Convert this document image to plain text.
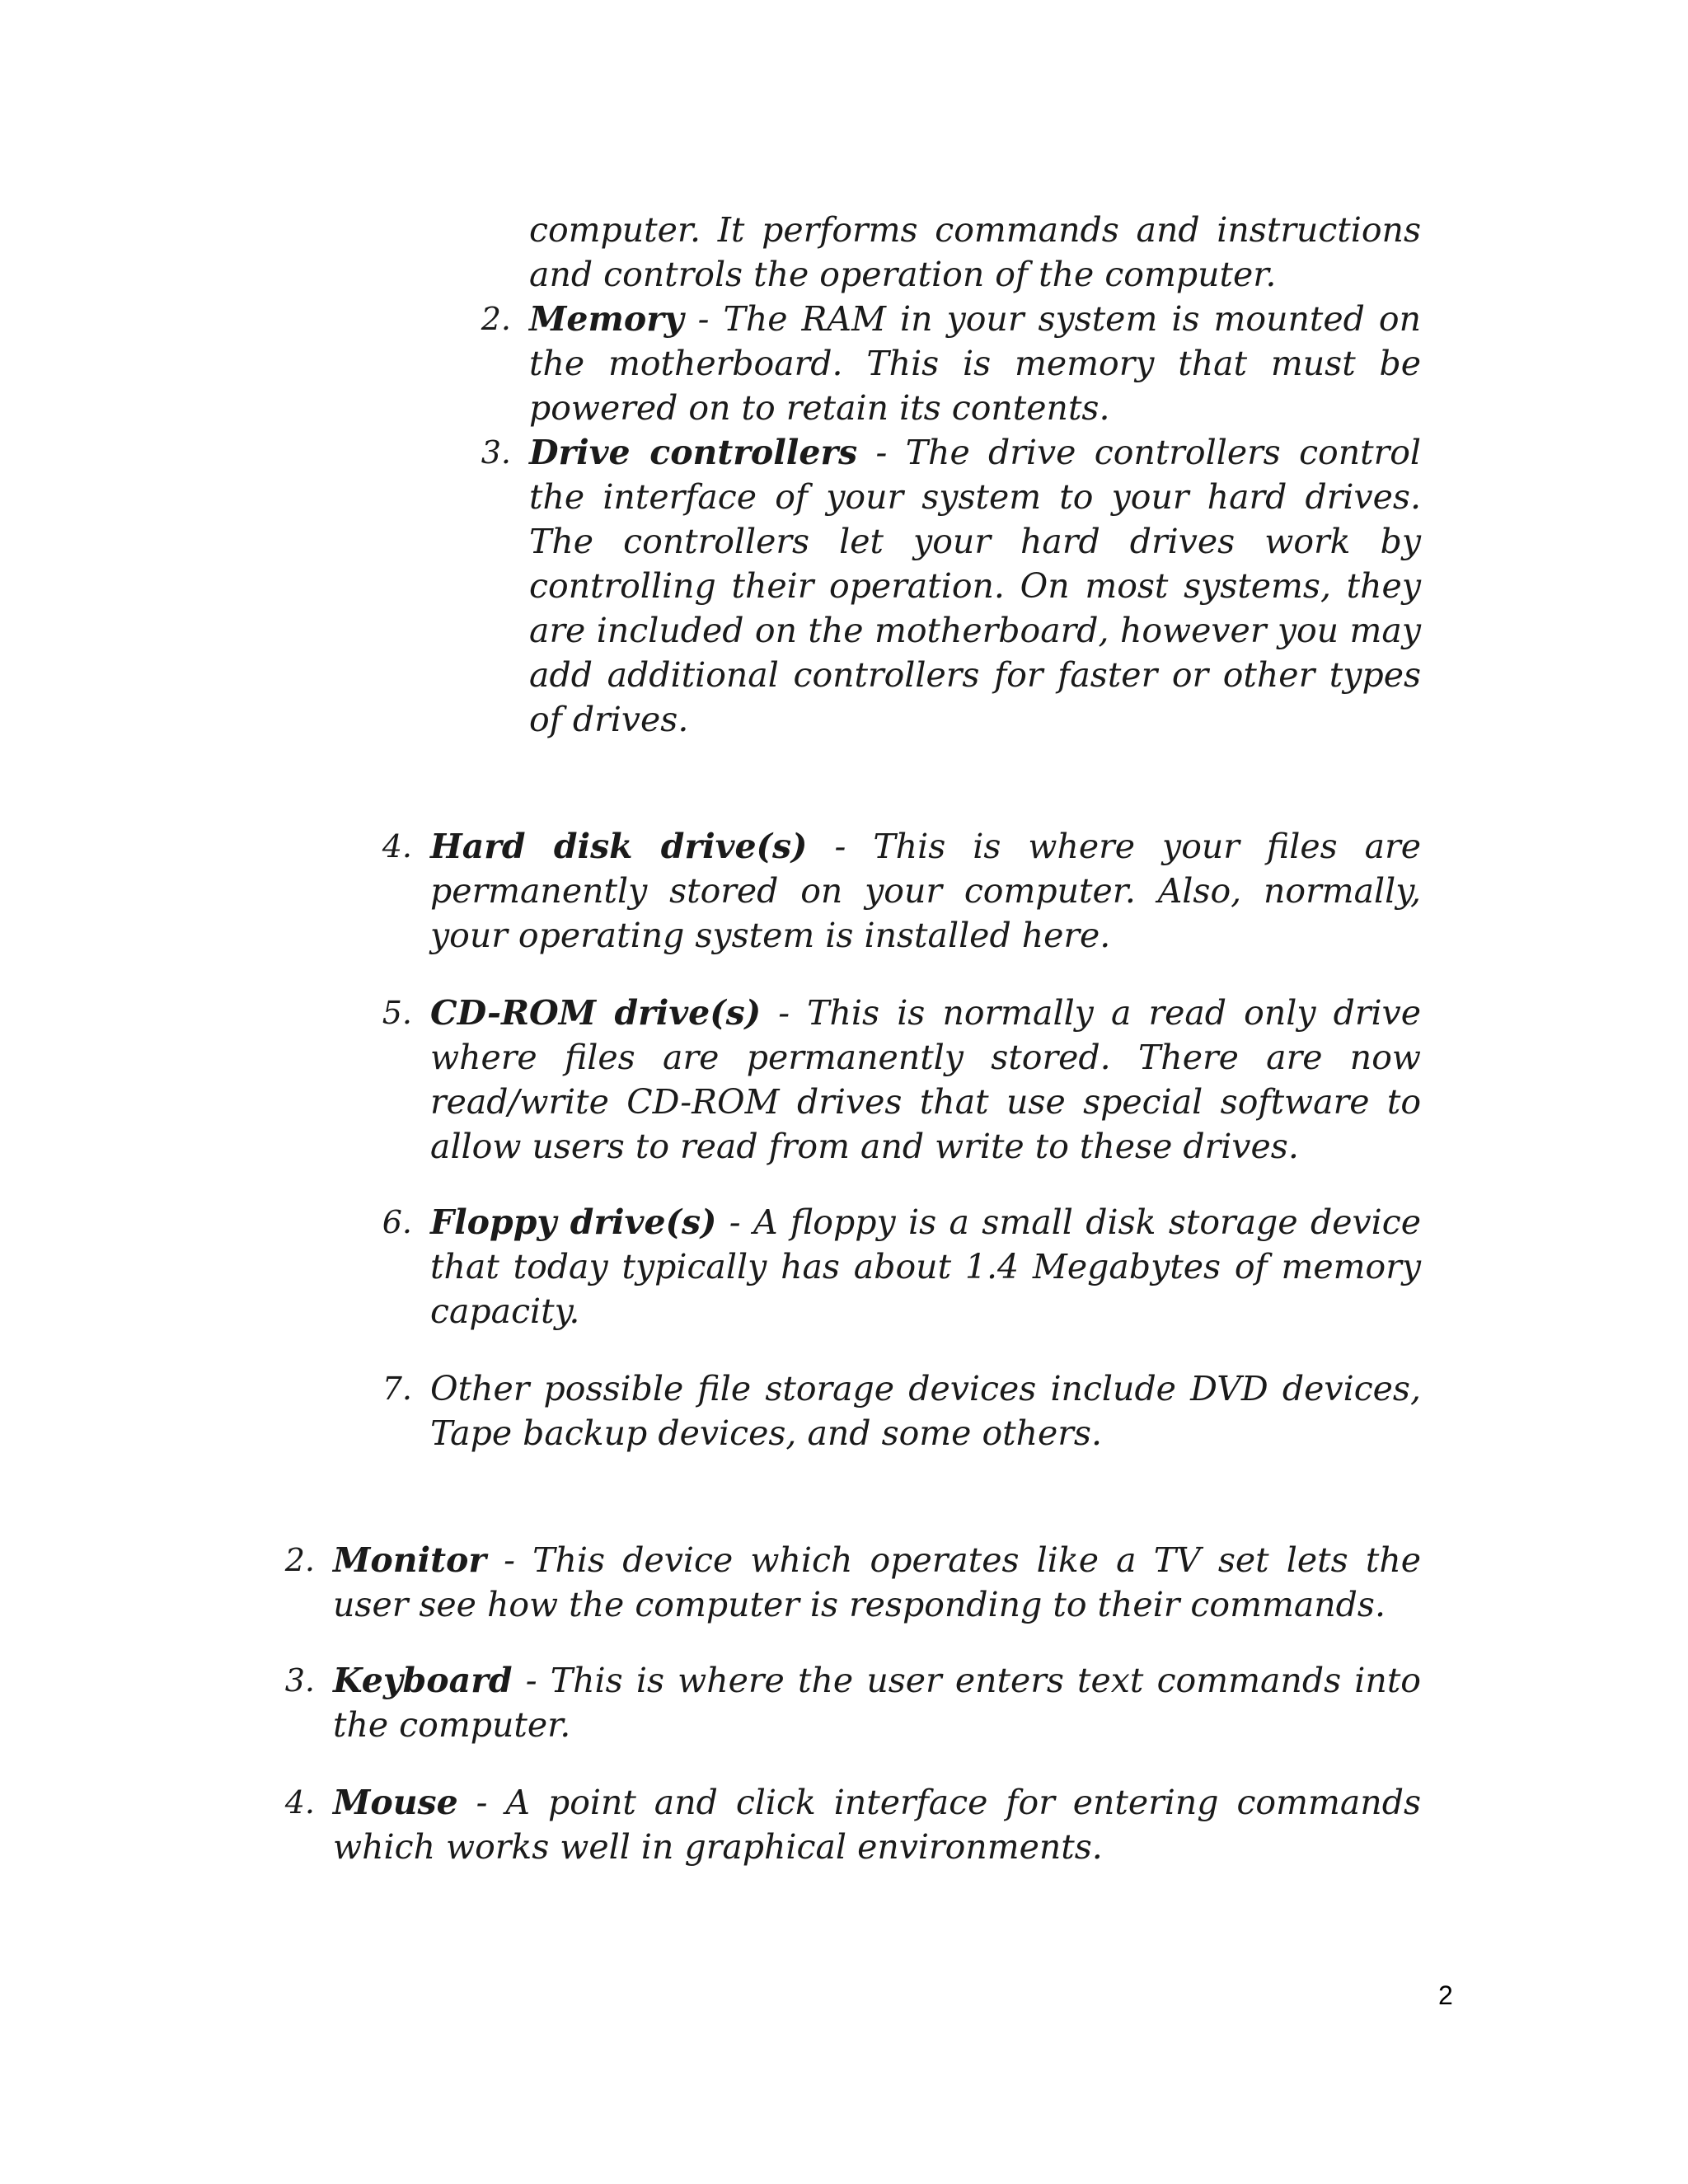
computer. It performs commands and instructions and controls the operation of the computer.
2. Memory - The RAM in your system is mounted on the motherboard. This is memory that must be powered on to retain its contents.
3. Drive controllers - The drive controllers control the interface of your system to your hard drives. The controllers let your hard drives work by controlling their operation. On most systems, they are included on the motherboard, however you may add additional controllers for faster or other types of drives.
4. Hard disk drive(s) - This is where your files are permanently stored on your computer. Also, normally, your operating system is installed here.
5. CD-ROM drive(s) - This is normally a read only drive where files are permanently stored. There are now read/write CD-ROM drives that use special software to allow users to read from and write to these drives.
6. Floppy drive(s) - A floppy is a small disk storage device that today typically has about 1.4 Megabytes of memory capacity.
7. Other possible file storage devices include DVD devices, Tape backup devices, and some others.
2. Monitor - This device which operates like a TV set lets the user see how the computer is responding to their commands.
3. Keyboard - This is where the user enters text commands into the computer.
4. Mouse - A point and click interface for entering commands which works well in graphical environments.
2
